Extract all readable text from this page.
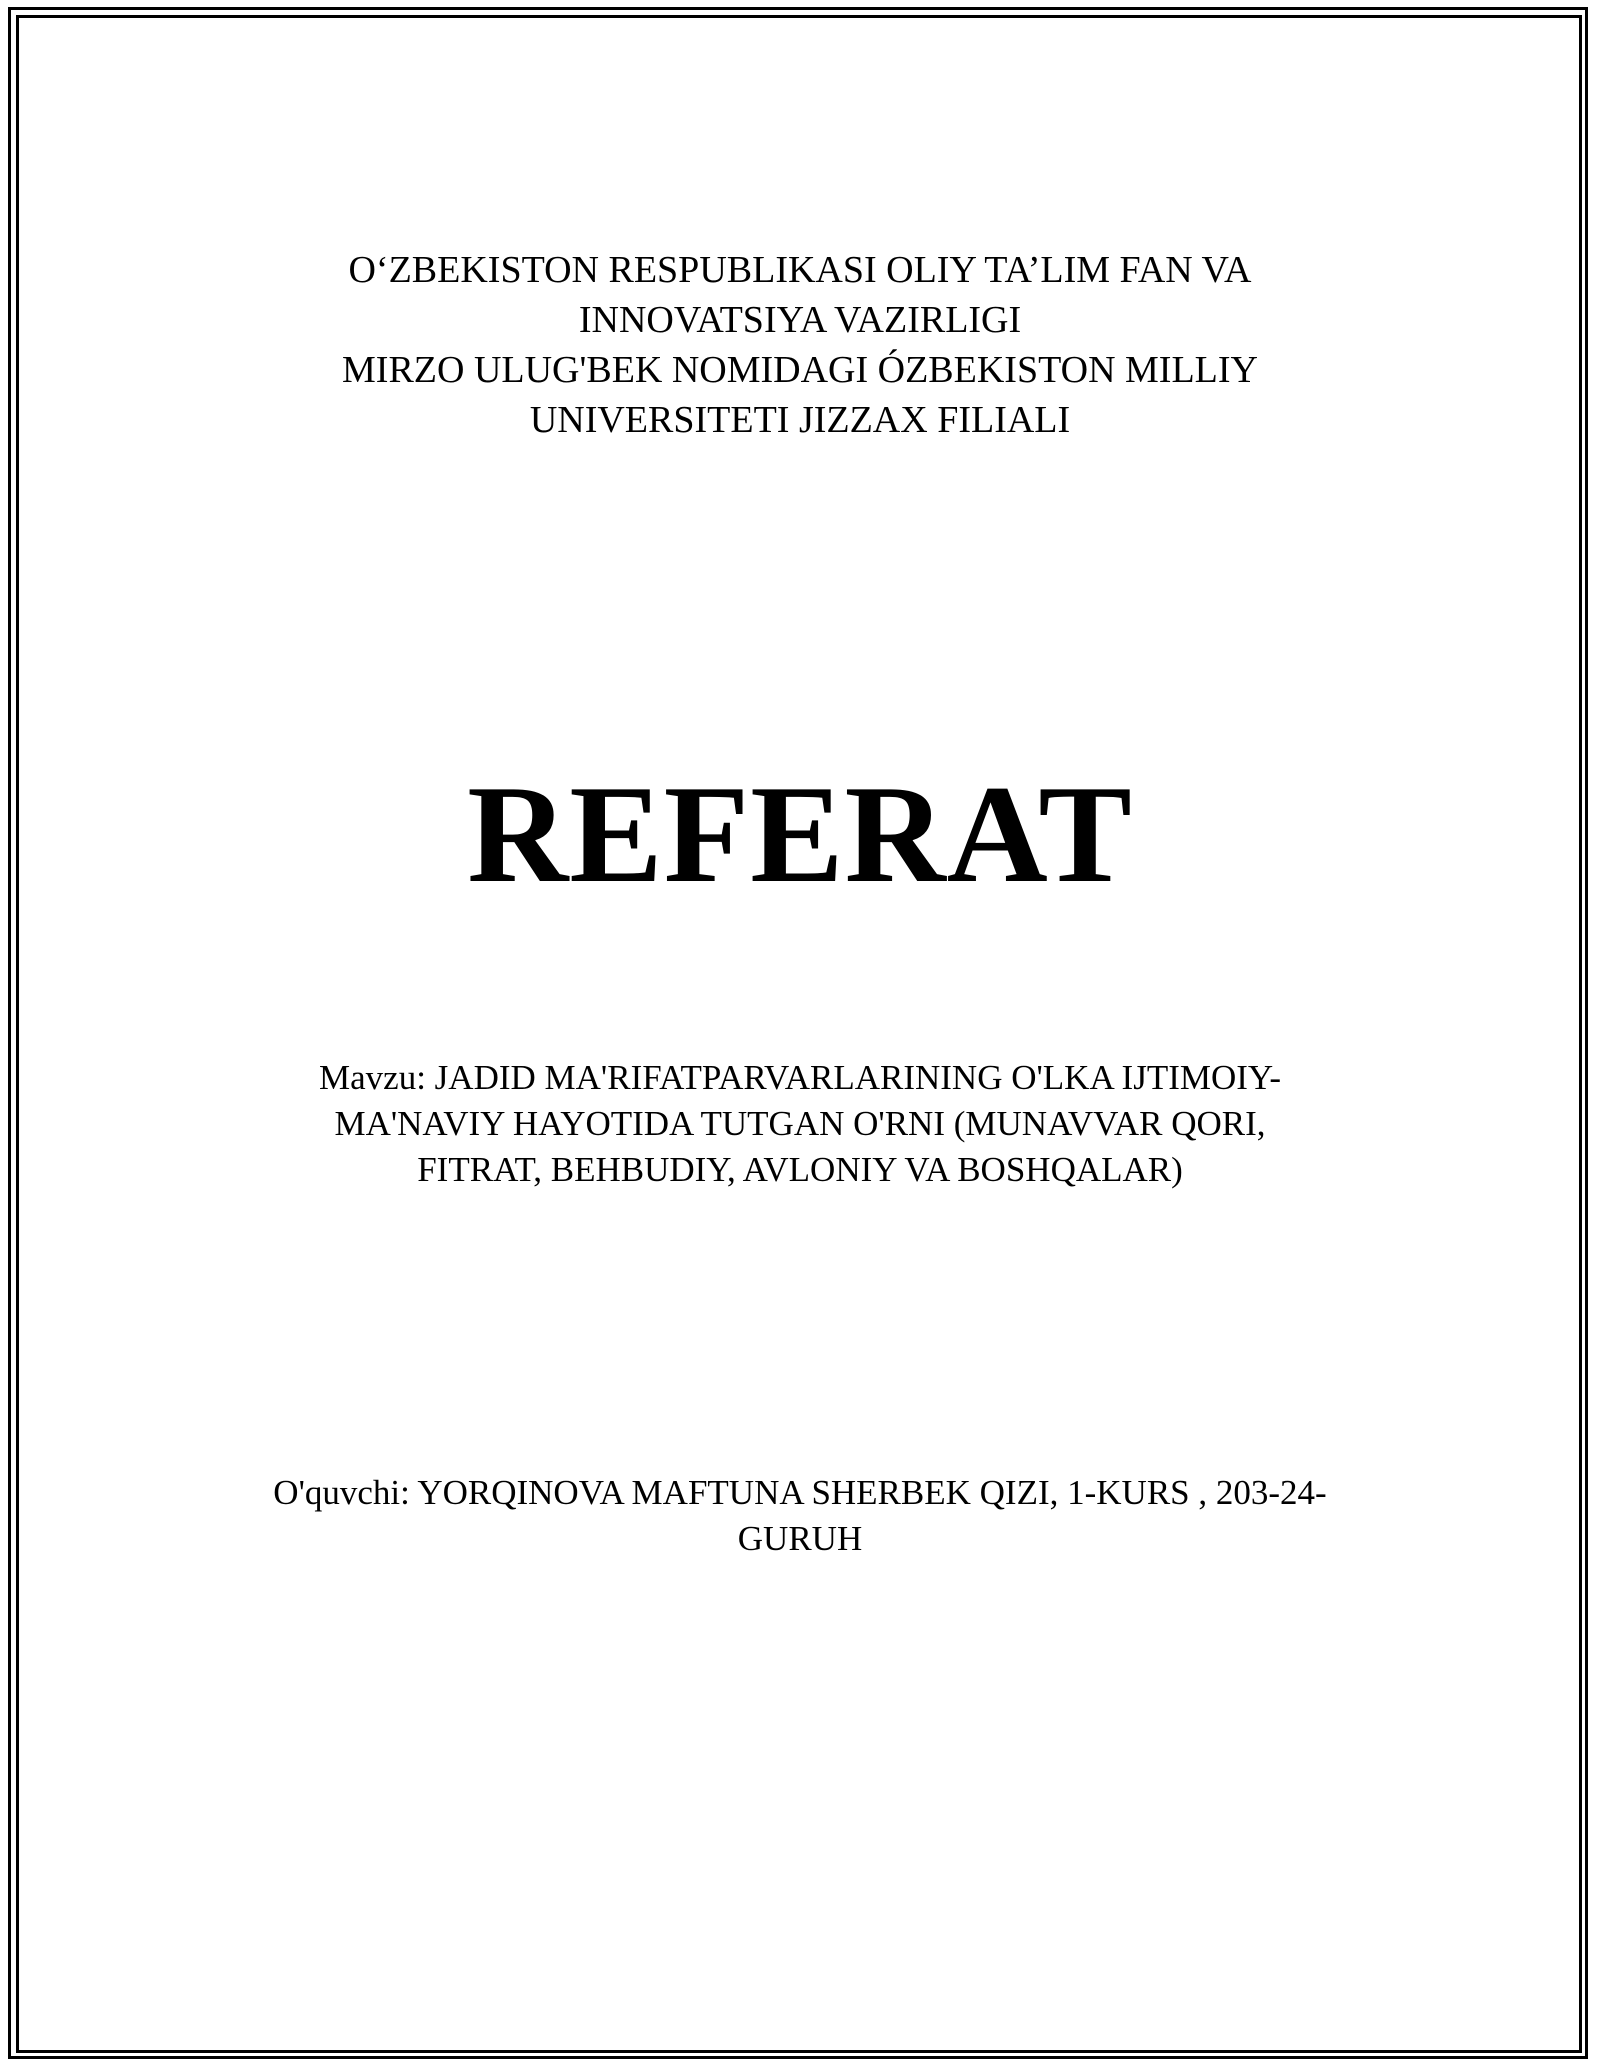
O‘ZBEKISTON RESPUBLIKASI OLIY TA’LIM FAN VA
INNOVATSIYA VAZIRLIGI
MIRZO ULUG'BEK NOMIDAGI ÓZBEKISTON MILLIY
UNIVERSITETI JIZZAX FILIALI
REFERAT
Mavzu: JADID MA'RIFATPARVARLARINING O'LKA IJTIMOIY-
MA'NAVIY HAYOTIDA TUTGAN O'RNI (MUNAVVAR QORI,
FITRAT, BEHBUDIY, AVLONIY VA BOSHQALAR)
O'quvchi: YORQINOVA MAFTUNA SHERBEK QIZI, 1-KURS , 203-24-
GURUH
